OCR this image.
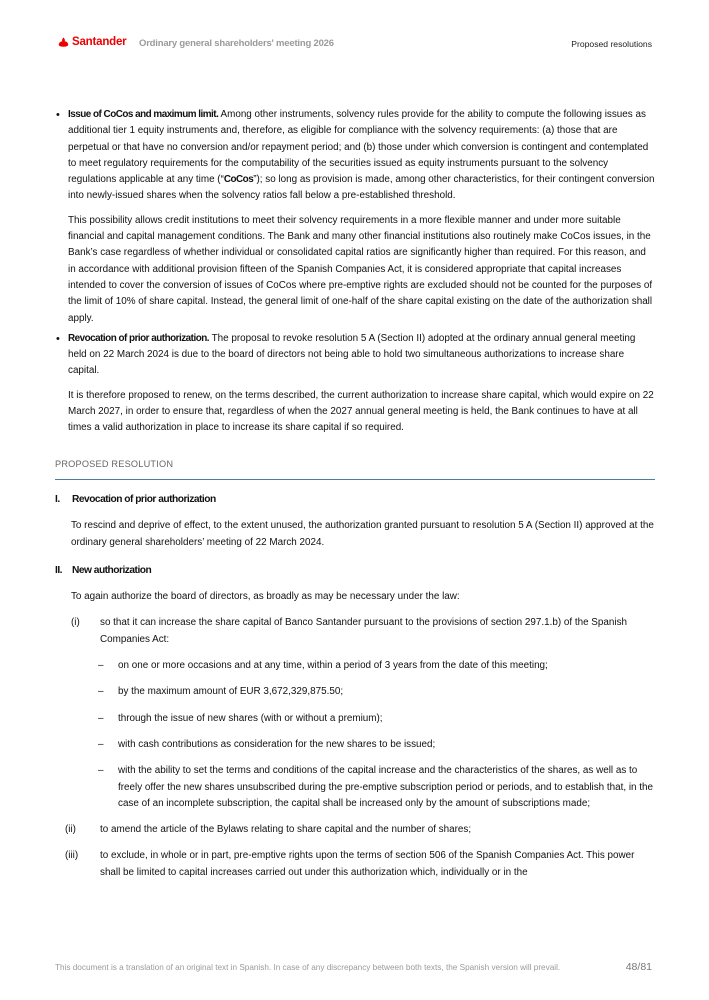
Santander Ordinary general shareholders' meeting 2026	Proposed resolutions
• Issue of CoCos and maximum limit. Among other instruments, solvency rules provide for the ability to compute the following issues as additional tier 1 equity instruments and, therefore, as eligible for compliance with the solvency requirements: (a) those that are perpetual or that have no conversion and/or repayment period; and (b) those under which conversion is contingent and contemplated to meet regulatory requirements for the computability of the securities issued as equity instruments pursuant to the solvency regulations applicable at any time (“CoCos”); so long as provision is made, among other characteristics, for their contingent conversion into newly-issued shares when the solvency ratios fall below a pre-established threshold.

This possibility allows credit institutions to meet their solvency requirements in a more flexible manner and under more suitable financial and capital management conditions. The Bank and many other financial institutions also routinely make CoCos issues, in the Bank’s case regardless of whether individual or consolidated capital ratios are significantly higher than required. For this reason, and in accordance with additional provision fifteen of the Spanish Companies Act, it is considered appropriate that capital increases intended to cover the conversion of issues of CoCos where pre-emptive rights are excluded should not be counted for the purposes of the limit of 10% of share capital. Instead, the general limit of one-half of the share capital existing on the date of the authorization shall apply.

• Revocation of prior authorization. The proposal to revoke resolution 5 A (Section II) adopted at the ordinary annual general meeting held on 22 March 2024 is due to the board of directors not being able to hold two simultaneous authorizations to increase share capital.

It is therefore proposed to renew, on the terms described, the current authorization to increase share capital, which would expire on 22 March 2027, in order to ensure that, regardless of when the 2027 annual general meeting is held, the Bank continues to have at all times a valid authorization in place to increase its share capital if so required.

PROPOSED RESOLUTION
I.	Revocation of prior authorization

To rescind and deprive of effect, to the extent unused, the authorization granted pursuant to resolution 5 A (Section II) approved at the ordinary general shareholders’ meeting of 22 March 2024.

II. New authorization

To again authorize the board of directors, as broadly as may be necessary under the law:

(i)	so that it can increase the share capital of Banco Santander pursuant to the provisions of section 297.1.b) of the Spanish Companies Act:
– on one or more occasions and at any time, within a period of 3 years from the date of this meeting;
– by the maximum amount of EUR 3,672,329,875.50;
– through the issue of new shares (with or without a premium);
– with cash contributions as consideration for the new shares to be issued;
– with the ability to set the terms and conditions of the capital increase and the characteristics of the shares, as well as to freely offer the new shares unsubscribed during the pre-emptive subscription period or periods, and to establish that, in the case of an incomplete subscription, the capital shall be increased only by the amount of subscriptions made;
(ii)	to amend the article of the Bylaws relating to share capital and the number of shares;
(iii)	to exclude, in whole or in part, pre-emptive rights upon the terms of section 506 of the Spanish Companies Act. This power shall be limited to capital increases carried out under this authorization which, individually or in the
This document is a translation of an original text in Spanish. In case of any discrepancy between both texts, the Spanish version will prevail.	48/81
